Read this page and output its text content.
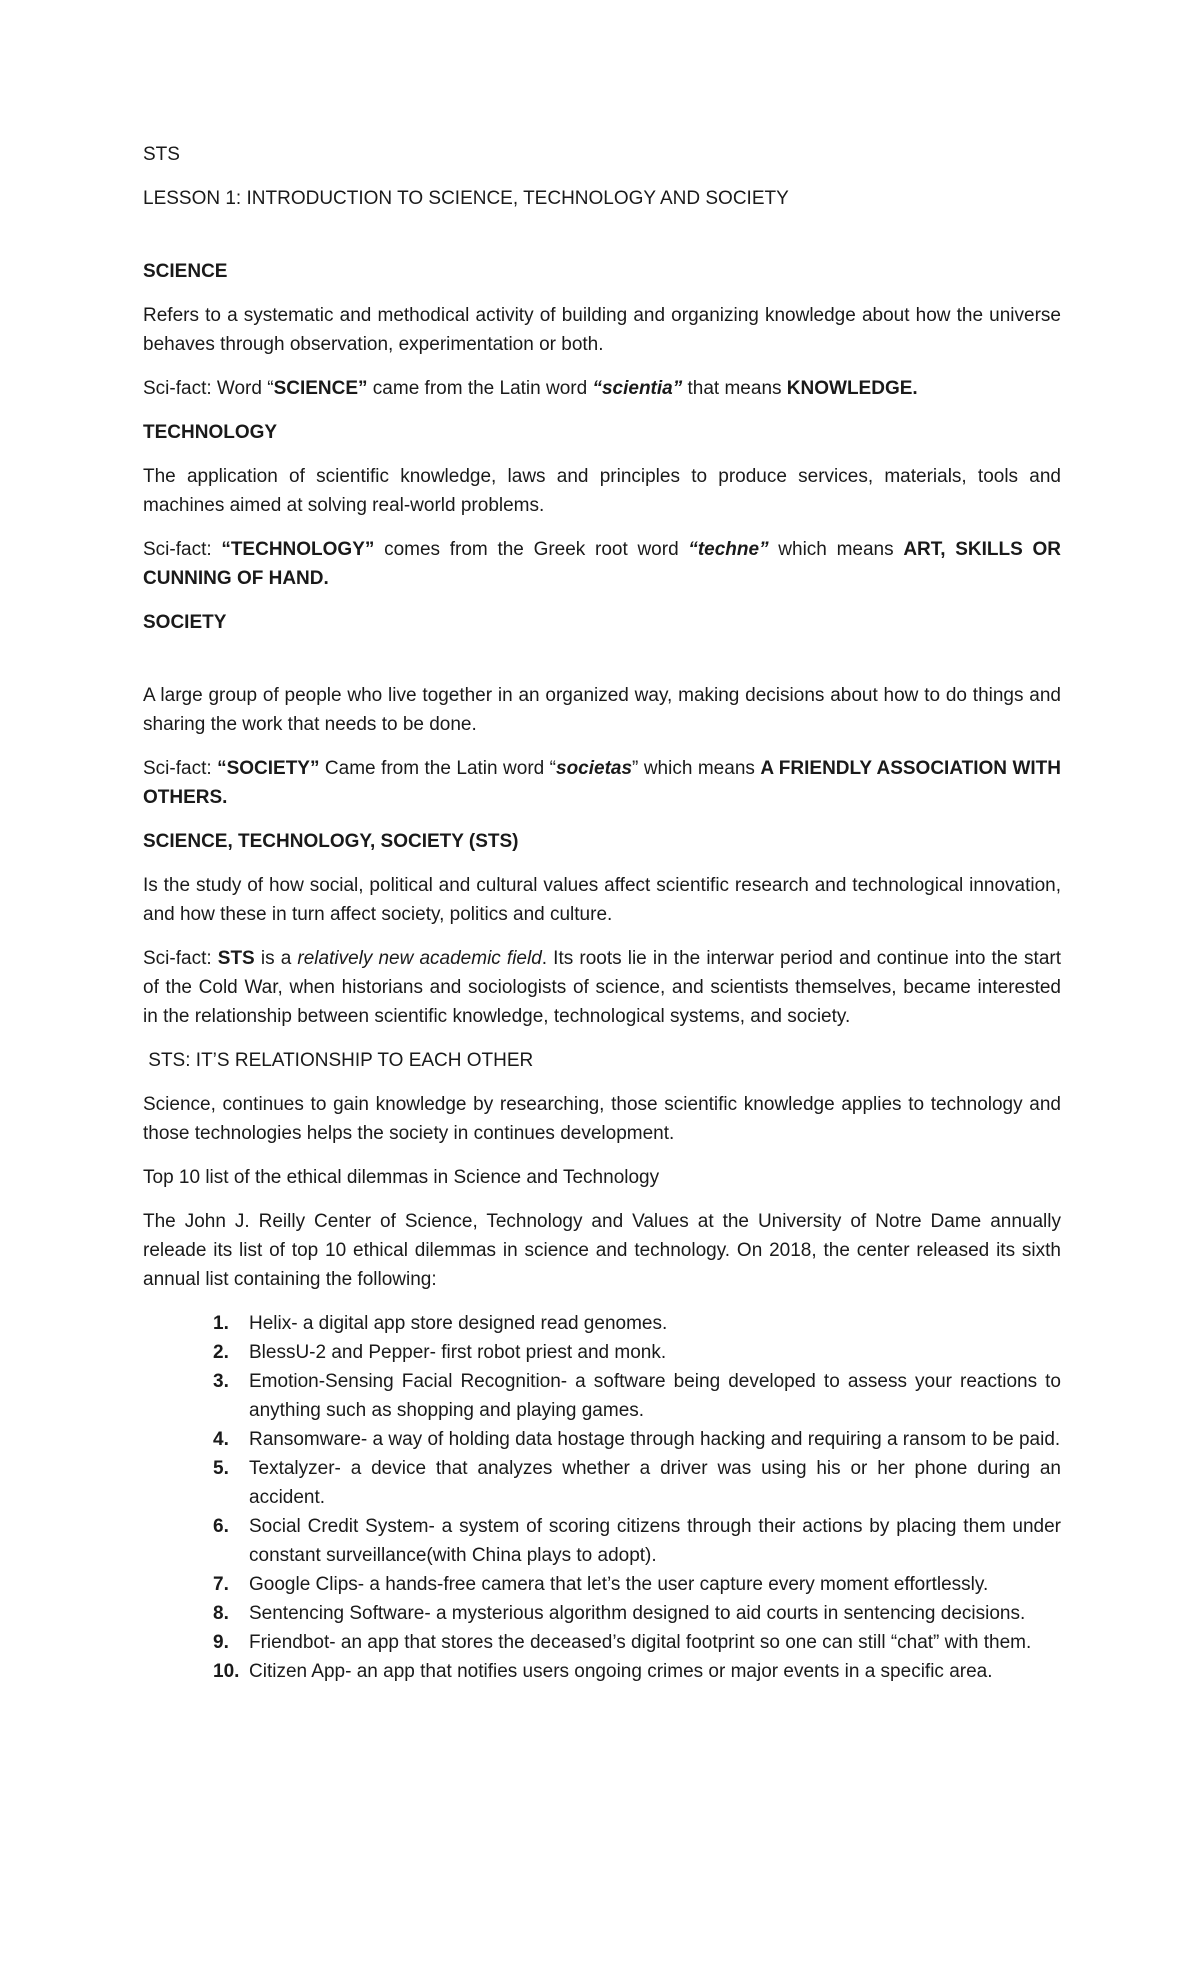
STS

LESSON 1: INTRODUCTION TO SCIENCE, TECHNOLOGY AND SOCIETY

SCIENCE

Refers to a systematic and methodical activity of building and organizing knowledge about how the universe behaves through observation, experimentation or both.

Sci-fact: Word “SCIENCE” came from the Latin word “scientia” that means KNOWLEDGE.

TECHNOLOGY

The application of scientific knowledge, laws and principles to produce services, materials, tools and machines aimed at solving real-world problems.

Sci-fact: “TECHNOLOGY” comes from the Greek root word “techne” which means ART, SKILLS OR CUNNING OF HAND.

SOCIETY

A large group of people who live together in an organized way, making decisions about how to do things and sharing the work that needs to be done.

Sci-fact: “SOCIETY” Came from the Latin word “societas” which means A FRIENDLY ASSOCIATION WITH OTHERS.

SCIENCE, TECHNOLOGY, SOCIETY (STS)

Is the study of how social, political and cultural values affect scientific research and technological innovation, and how these in turn affect society, politics and culture.

Sci-fact: STS is a relatively new academic field. Its roots lie in the interwar period and continue into the start of the Cold War, when historians and sociologists of science, and scientists themselves, became interested in the relationship between scientific knowledge, technological systems, and society.

STS: IT’S RELATIONSHIP TO EACH OTHER

Science, continues to gain knowledge by researching, those scientific knowledge applies to technology and those technologies helps the society in continues development.

Top 10 list of the ethical dilemmas in Science and Technology

The John J. Reilly Center of Science, Technology and Values at the University of Notre Dame annually releade its list of top 10 ethical dilemmas in science and technology. On 2018, the center released its sixth annual list containing the following:

1. Helix- a digital app store designed read genomes.
2. BlessU-2 and Pepper- first robot priest and monk.
3. Emotion-Sensing Facial Recognition- a software being developed to assess your reactions to anything such as shopping and playing games.
4. Ransomware- a way of holding data hostage through hacking and requiring a ransom to be paid.
5. Textalyzer- a device that analyzes whether a driver was using his or her phone during an accident.
6. Social Credit System- a system of scoring citizens through their actions by placing them under constant surveillance(with China plays to adopt).
7. Google Clips- a hands-free camera that let’s the user capture every moment effortlessly.
8. Sentencing Software- a mysterious algorithm designed to aid courts in sentencing decisions.
9. Friendbot- an app that stores the deceased’s digital footprint so one can still “chat” with them.
10. Citizen App- an app that notifies users ongoing crimes or major events in a specific area.
